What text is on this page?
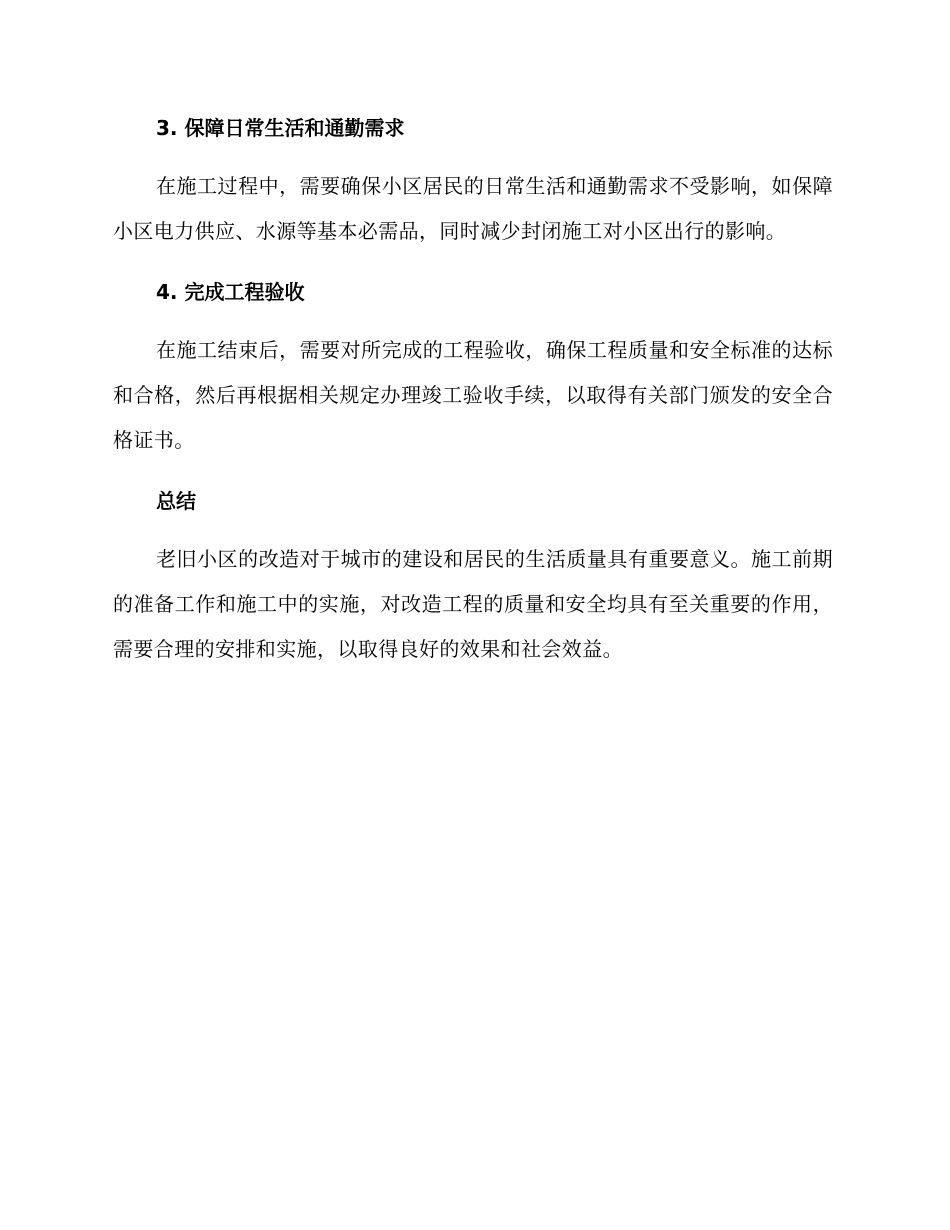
3. 保障日常生活和通勤需求

在施工过程中，需要确保小区居民的日常生活和通勤需求不受影响，如保障小区电力供应、水源等基本必需品，同时减少封闭施工对小区出行的影响。

4. 完成工程验收

在施工结束后，需要对所完成的工程验收，确保工程质量和安全标准的达标和合格，然后再根据相关规定办理竣工验收手续，以取得有关部门颁发的安全合格证书。

总结

老旧小区的改造对于城市的建设和居民的生活质量具有重要意义。施工前期的准备工作和施工中的实施，对改造工程的质量和安全均具有至关重要的作用，需要合理的安排和实施，以取得良好的效果和社会效益。
